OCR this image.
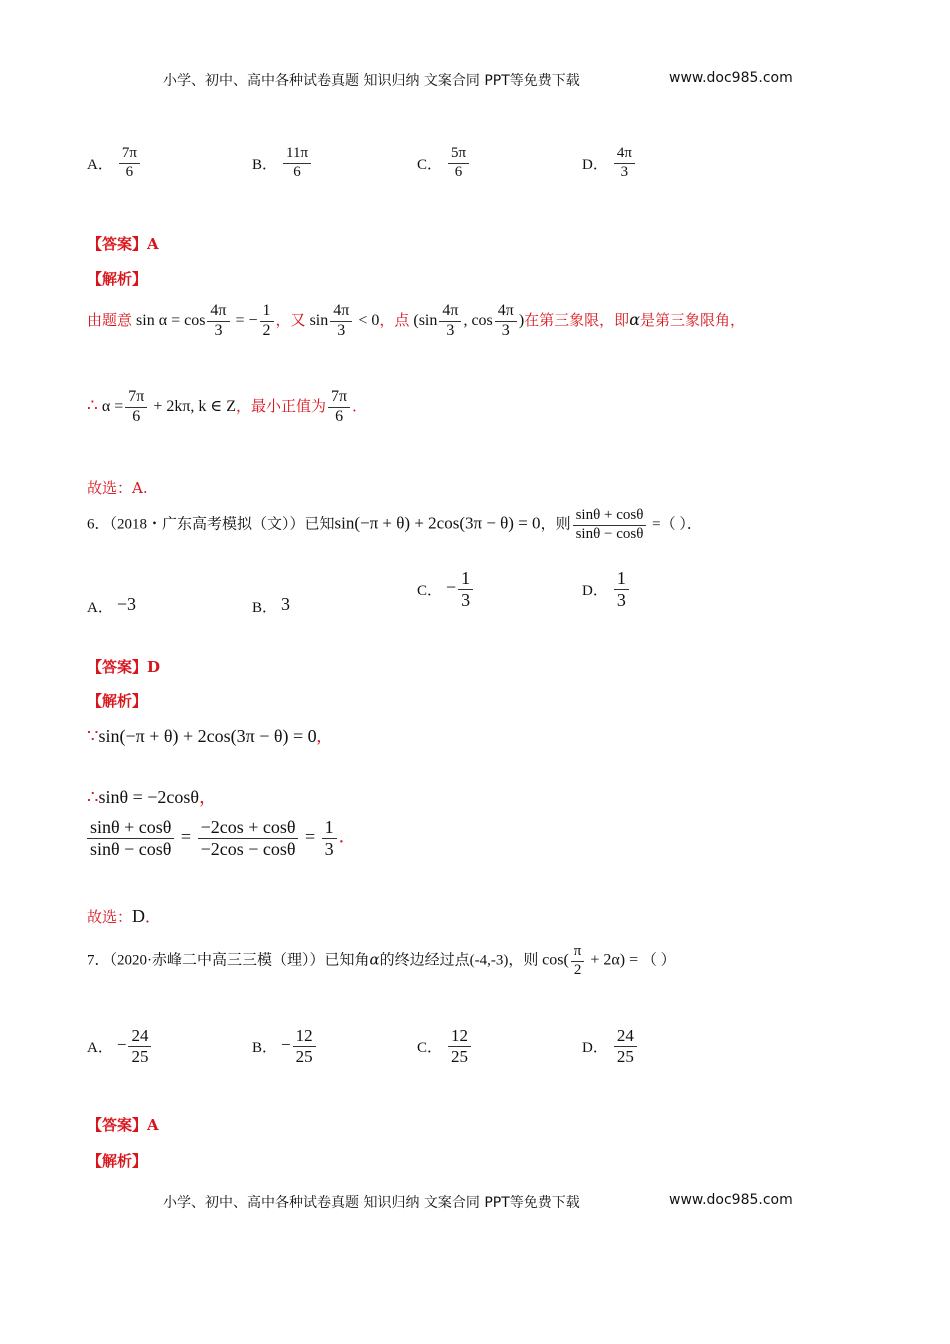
小学、初中、高中各种试卷真题 知识归纳 文案合同 PPT等免费下载	www.doc985.com
A． $\frac{7\pi}{6}$	B． $\frac{11\pi}{6}$	C． $\frac{5\pi}{6}$	D． $\frac{4\pi}{3}$
【答案】A
【解析】
由题意 $\sin \alpha = \cos \frac{4\pi}{3}$ = − $\frac{1}{2}$ ，又 $\sin \frac{4\pi}{3} < 0$，点 ($\sin \frac{4\pi}{3}$ , $\cos \frac{4\pi}{3}$ )在第三象限，即α是第三象限角，
∴ $\alpha = \frac{7\pi}{6} + 2k\pi$, k ∈ Z，最小正值为 $\frac{7\pi}{6}$ ．
故选：A.
6．（2018・广东高考模拟（文））已知sin(−π + θ) + 2cos(3π − θ) = 0，则 $\frac{\sin\theta + \cos\theta}{\sin\theta - \cos\theta}$ =（ ）．
A． −3	B． 3
C． − $\frac{1}{3}$	D． $\frac{1}{3}$
【答案】D
【解析】
∵sin(−π + θ) + 2cos(3π − θ) = 0,
∴sinθ = −2cosθ，
$\frac{\sin\theta + \cos\theta}{\sin\theta - \cos\theta} = \frac{-2\cos + \cos\theta}{-2\cos - \cos\theta} = \frac{1}{3}$ ．
故选：D．
7．（2020·赤峰二中高三三模（理））已知角α的终边经过点(-4,-3)，则 $\cos( \frac{\pi}{2} + 2\alpha)$ = （ ）
A． − $\frac{24}{25}$	B． − $\frac{12}{25}$	C． $\frac{12}{25}$	D． $\frac{24}{25}$
【答案】A
【解析】
小学、初中、高中各种试卷真题 知识归纳 文案合同 PPT等免费下载	www.doc985.com
